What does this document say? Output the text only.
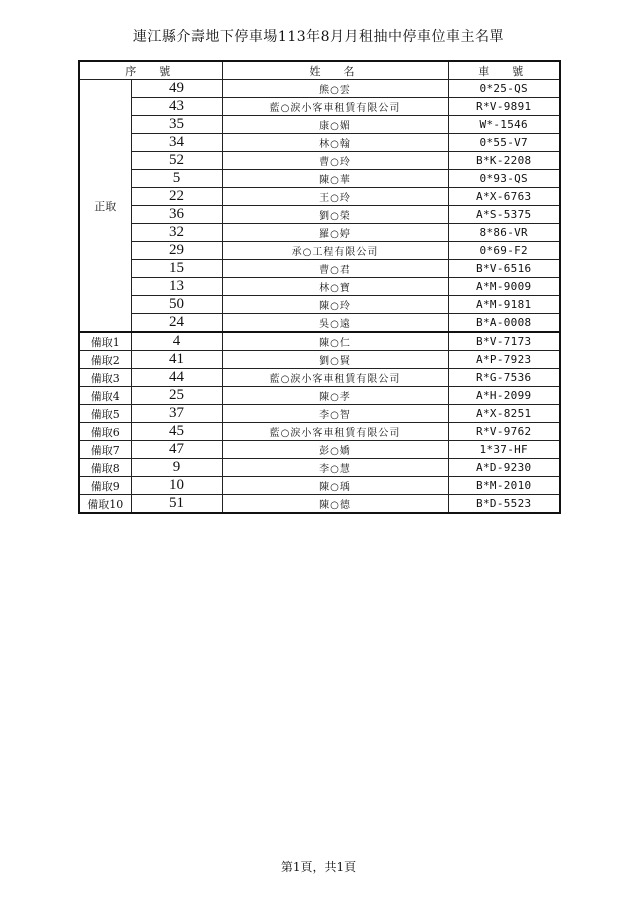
連江縣介壽地下停車場113年8月月租抽中停車位車主名單
序　號		姓　名	車　號
正取	49	熊○雲	0*25-QS
	43	藍○淚小客車租賃有限公司	R*V-9891
	35	康○媚	W*-1546
	34	林○翰	0*55-V7
	52	曹○玲	B*K-2208
	5	陳○華	0*93-QS
	22	王○玲	A*X-6763
	36	劉○榮	A*S-5375
	32	羅○婷	8*86-VR
	29	承○工程有限公司	0*69-F2
	15	曹○君	B*V-6516
	13	林○寶	A*M-9009
	50	陳○玲	A*M-9181
	24	吳○遠	B*A-0008
備取1	4	陳○仁	B*V-7173
備取2	41	劉○賢	A*P-7923
備取3	44	藍○淚小客車租賃有限公司	R*G-7536
備取4	25	陳○孝	A*H-2099
備取5	37	李○智	A*X-8251
備取6	45	藍○淚小客車租賃有限公司	R*V-9762
備取7	47	彭○嬌	1*37-HF
備取8	9	李○慧	A*D-9230
備取9	10	陳○瑀	B*M-2010
備取10	51	陳○德	B*D-5523
第1頁，共1頁
